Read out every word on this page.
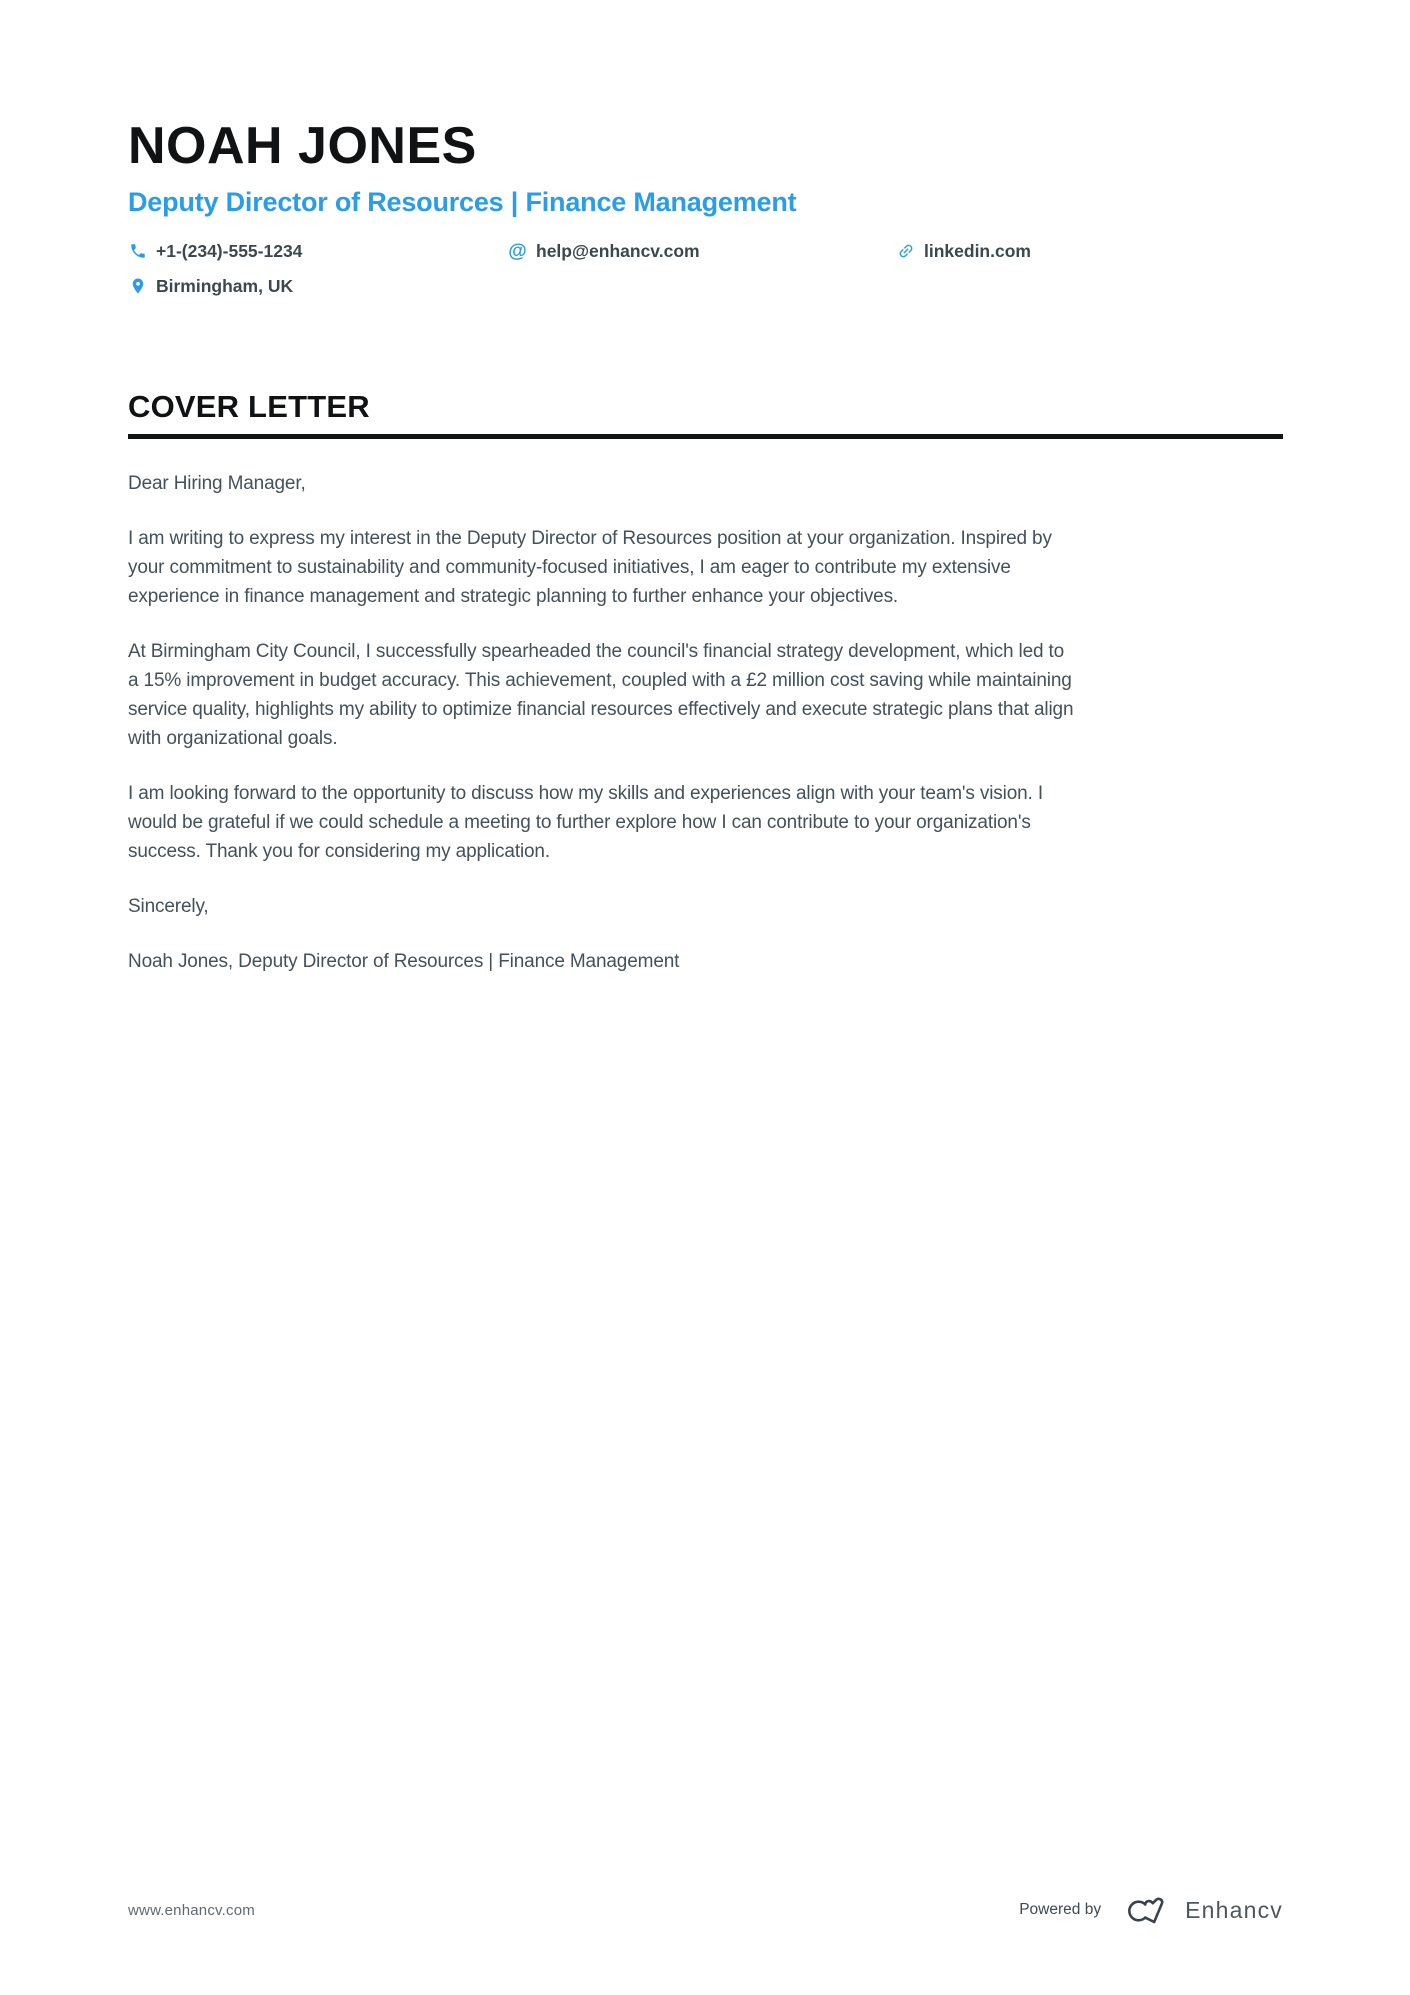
NOAH JONES
Deputy Director of Resources | Finance Management
+1-(234)-555-1234	@ help@enhancv.com	linkedin.com
Birmingham, UK
COVER LETTER

Dear Hiring Manager,

I am writing to express my interest in the Deputy Director of Resources position at your organization. Inspired by your commitment to sustainability and community-focused initiatives, I am eager to contribute my extensive experience in finance management and strategic planning to further enhance your objectives.

At Birmingham City Council, I successfully spearheaded the council's financial strategy development, which led to a 15% improvement in budget accuracy. This achievement, coupled with a £2 million cost saving while maintaining service quality, highlights my ability to optimize financial resources effectively and execute strategic plans that align with organizational goals.

I am looking forward to the opportunity to discuss how my skills and experiences align with your team's vision. I would be grateful if we could schedule a meeting to further explore how I can contribute to your organization's success. Thank you for considering my application.

Sincerely,

Noah Jones, Deputy Director of Resources | Finance Management

www.enhancv.com	Powered by	Enhancv
